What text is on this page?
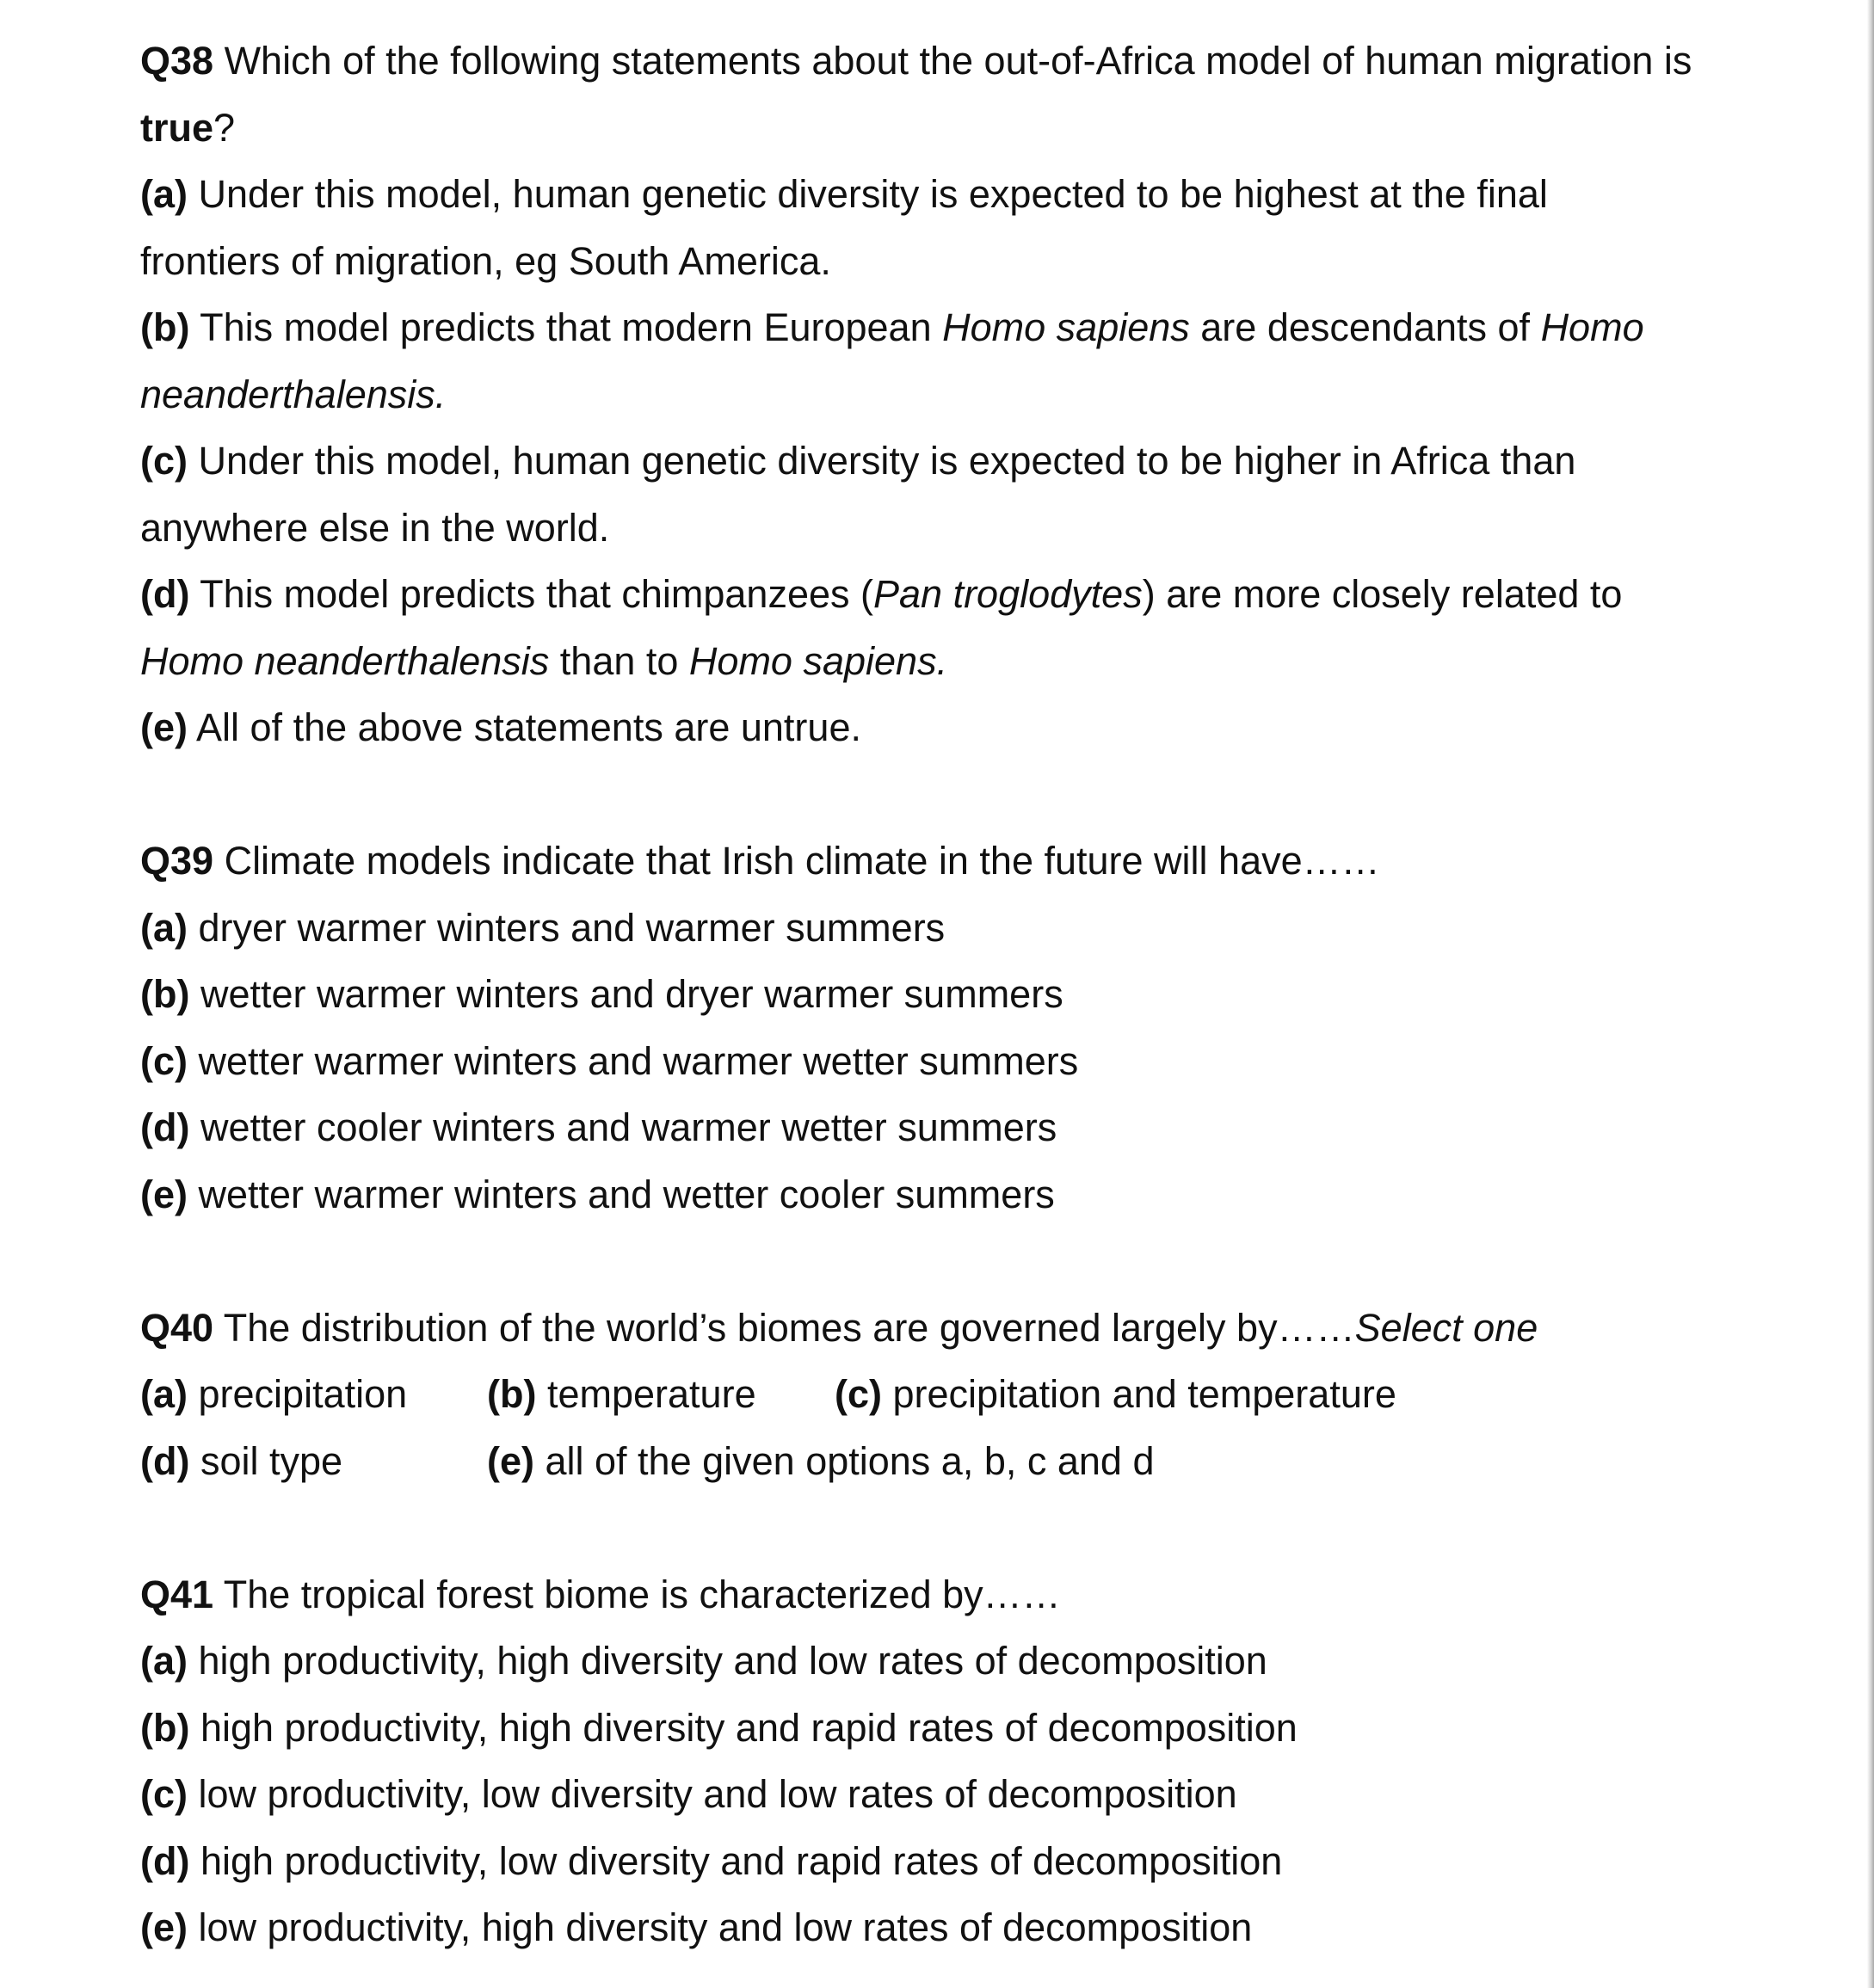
Q38 Which of the following statements about the out-of-Africa model of human migration is
true?
(a) Under this model, human genetic diversity is expected to be highest at the final
frontiers of migration, eg South America.
(b) This model predicts that modern European Homo sapiens are descendants of Homo
neanderthalensis.
(c) Under this model, human genetic diversity is expected to be higher in Africa than
anywhere else in the world.
(d) This model predicts that chimpanzees (Pan troglodytes) are more closely related to
Homo neanderthalensis than to Homo sapiens.
(e) All of the above statements are untrue.
Q39 Climate models indicate that Irish climate in the future will have……
(a) dryer warmer winters and warmer summers
(b) wetter warmer winters and dryer warmer summers
(c) wetter warmer winters and warmer wetter summers
(d) wetter cooler winters and warmer wetter summers
(e) wetter warmer winters and wetter cooler summers
Q40 The distribution of the world’s biomes are governed largely by……Select one
(a) precipitation (b) temperature (c) precipitation and temperature
(d) soil type	(e) all of the given options a, b, c and d
Q41 The tropical forest biome is characterized by……
(a) high productivity, high diversity and low rates of decomposition
(b) high productivity, high diversity and rapid rates of decomposition
(c) low productivity, low diversity and low rates of decomposition
(d) high productivity, low diversity and rapid rates of decomposition
(e) low productivity, high diversity and low rates of decomposition
